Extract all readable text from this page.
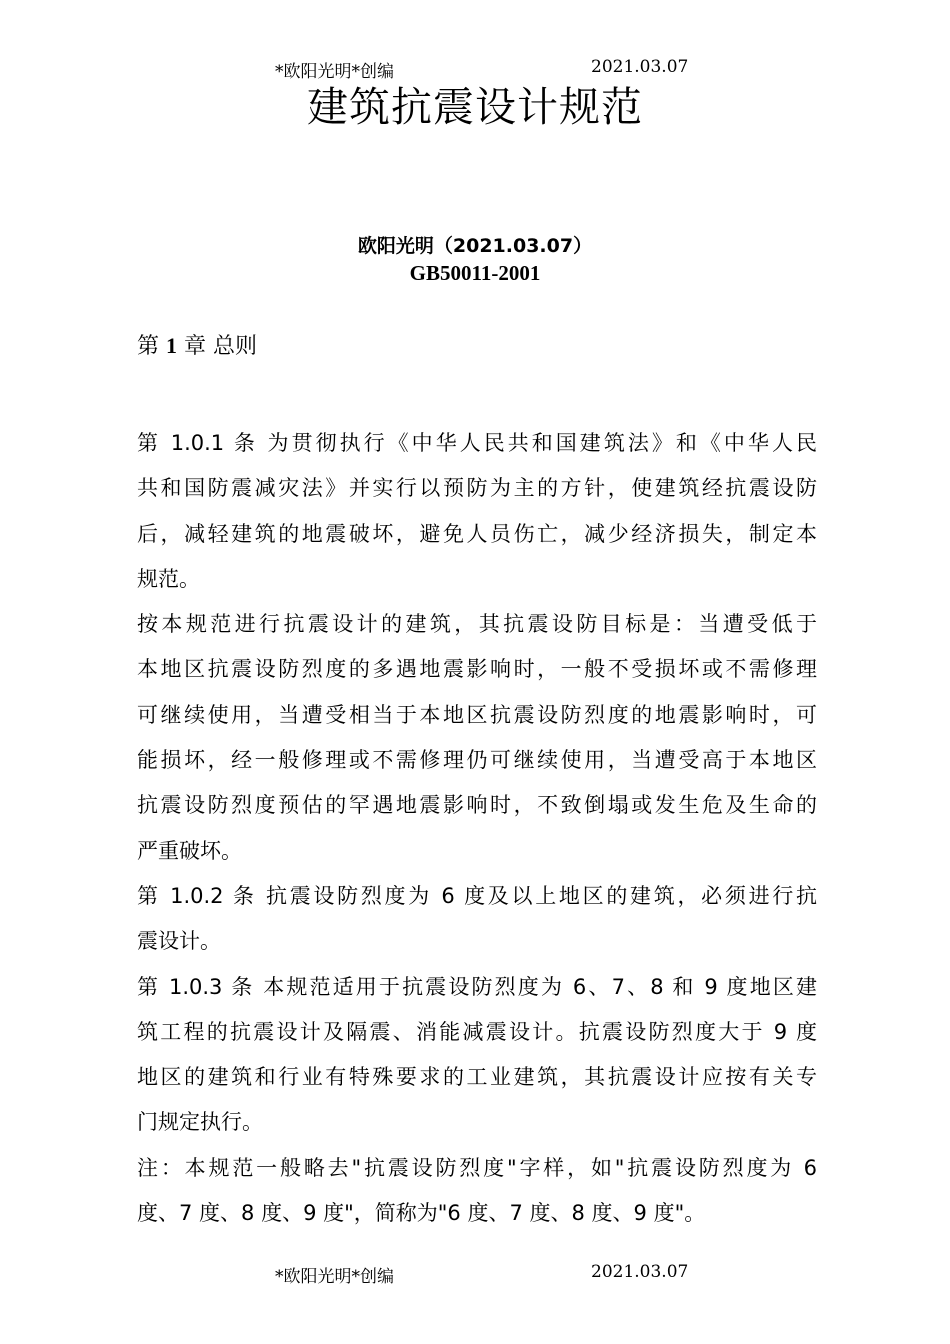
*欧阳光明*创编	2021.03.07
建筑抗震设计规范
欧阳光明（2021.03.07）
GB50011-2001
第 1 章 总则
第 1.0.1 条 为贯彻执行《中华人民共和国建筑法》和《中华人民
共和国防震减灾法》并实行以预防为主的方针，使建筑经抗震设防
后，减轻建筑的地震破坏，避免人员伤亡，减少经济损失，制定本
规范。
按本规范进行抗震设计的建筑，其抗震设防目标是：当遭受低于
本地区抗震设防烈度的多遇地震影响时，一般不受损坏或不需修理
可继续使用，当遭受相当于本地区抗震设防烈度的地震影响时，可
能损坏，经一般修理或不需修理仍可继续使用，当遭受高于本地区
抗震设防烈度预估的罕遇地震影响时，不致倒塌或发生危及生命的
严重破坏。
第 1.0.2 条 抗震设防烈度为 6 度及以上地区的建筑，必须进行抗
震设计。
第 1.0.3 条 本规范适用于抗震设防烈度为 6、7、8 和 9 度地区建
筑工程的抗震设计及隔震、消能减震设计。抗震设防烈度大于 9 度
地区的建筑和行业有特殊要求的工业建筑，其抗震设计应按有关专
门规定执行。
注：本规范一般略去"抗震设防烈度"字样，如"抗震设防烈度为 6
度、7 度、8 度、9 度"，简称为"6 度、7 度、8 度、9 度"。
*欧阳光明*创编	2021.03.07
